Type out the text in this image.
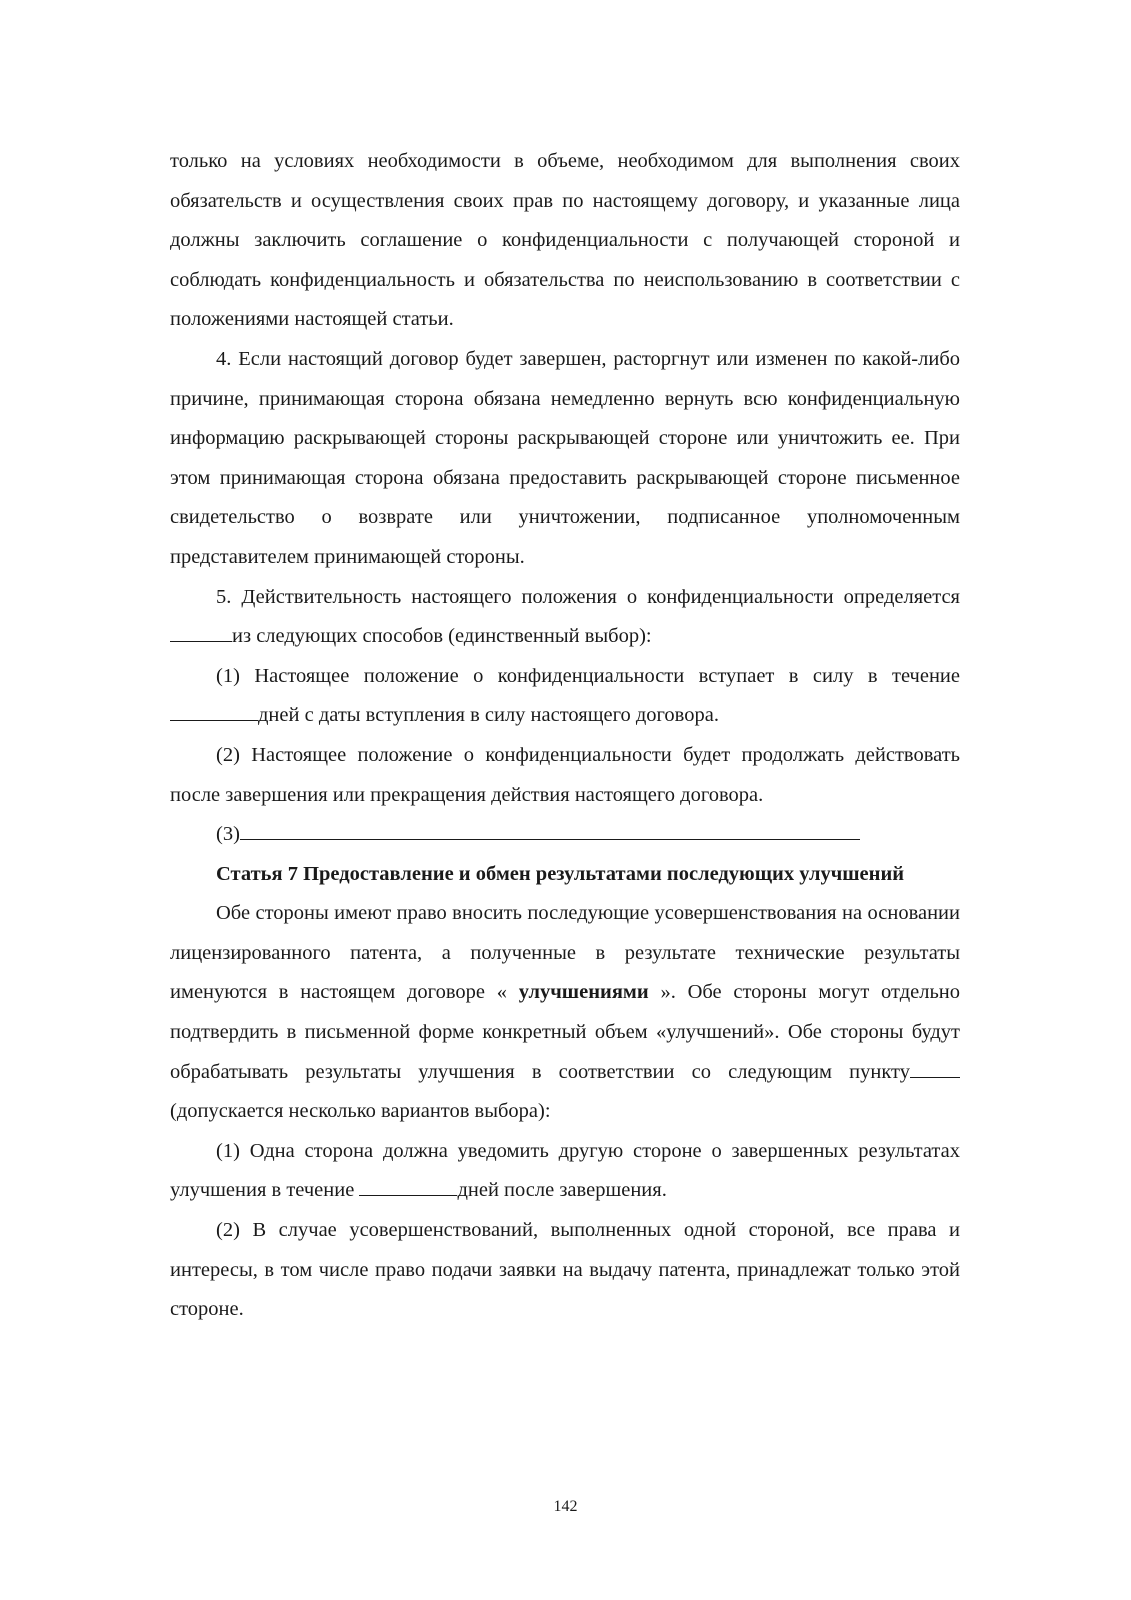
только на условиях необходимости в объеме, необходимом для выполнения своих обязательств и осуществления своих прав по настоящему договору, и указанные лица должны заключить соглашение о конфиденциальности с получающей стороной и соблюдать конфиденциальность и обязательства по неиспользованию в соответствии с положениями настоящей статьи.

4. Если настоящий договор будет завершен, расторгнут или изменен по какой-либо причине, принимающая сторона обязана немедленно вернуть всю конфиденциальную информацию раскрывающей стороны раскрывающей стороне или уничтожить ее. При этом принимающая сторона обязана предоставить раскрывающей стороне письменное свидетельство о возврате или уничтожении, подписанное уполномоченным представителем принимающей стороны.

5. Действительность настоящего положения о конфиденциальности определяется из следующих способов (единственный выбор):

(1) Настоящее положение о конфиденциальности вступает в силу в течение дней с даты вступления в силу настоящего договора.

(2) Настоящее положение о конфиденциальности будет продолжать действовать после завершения или прекращения действия настоящего договора.

(3)

Статья 7 Предоставление и обмен результатами последующих улучшений

Обе стороны имеют право вносить последующие усовершенствования на основании лицензированного патента, а полученные в результате технические результаты именуются в настоящем договоре « улучшениями ». Обе стороны могут отдельно подтвердить в письменной форме конкретный объем «улучшений». Обе стороны будут обрабатывать результаты улучшения в соответствии со следующим пункту (допускается несколько вариантов выбора):

(1) Одна сторона должна уведомить другую стороне о завершенных результатах улучшения в течение	дней после завершения.

(2) В случае усовершенствований, выполненных одной стороной, все права и интересы, в том числе право подачи заявки на выдачу патента, принадлежат только этой стороне.

142
